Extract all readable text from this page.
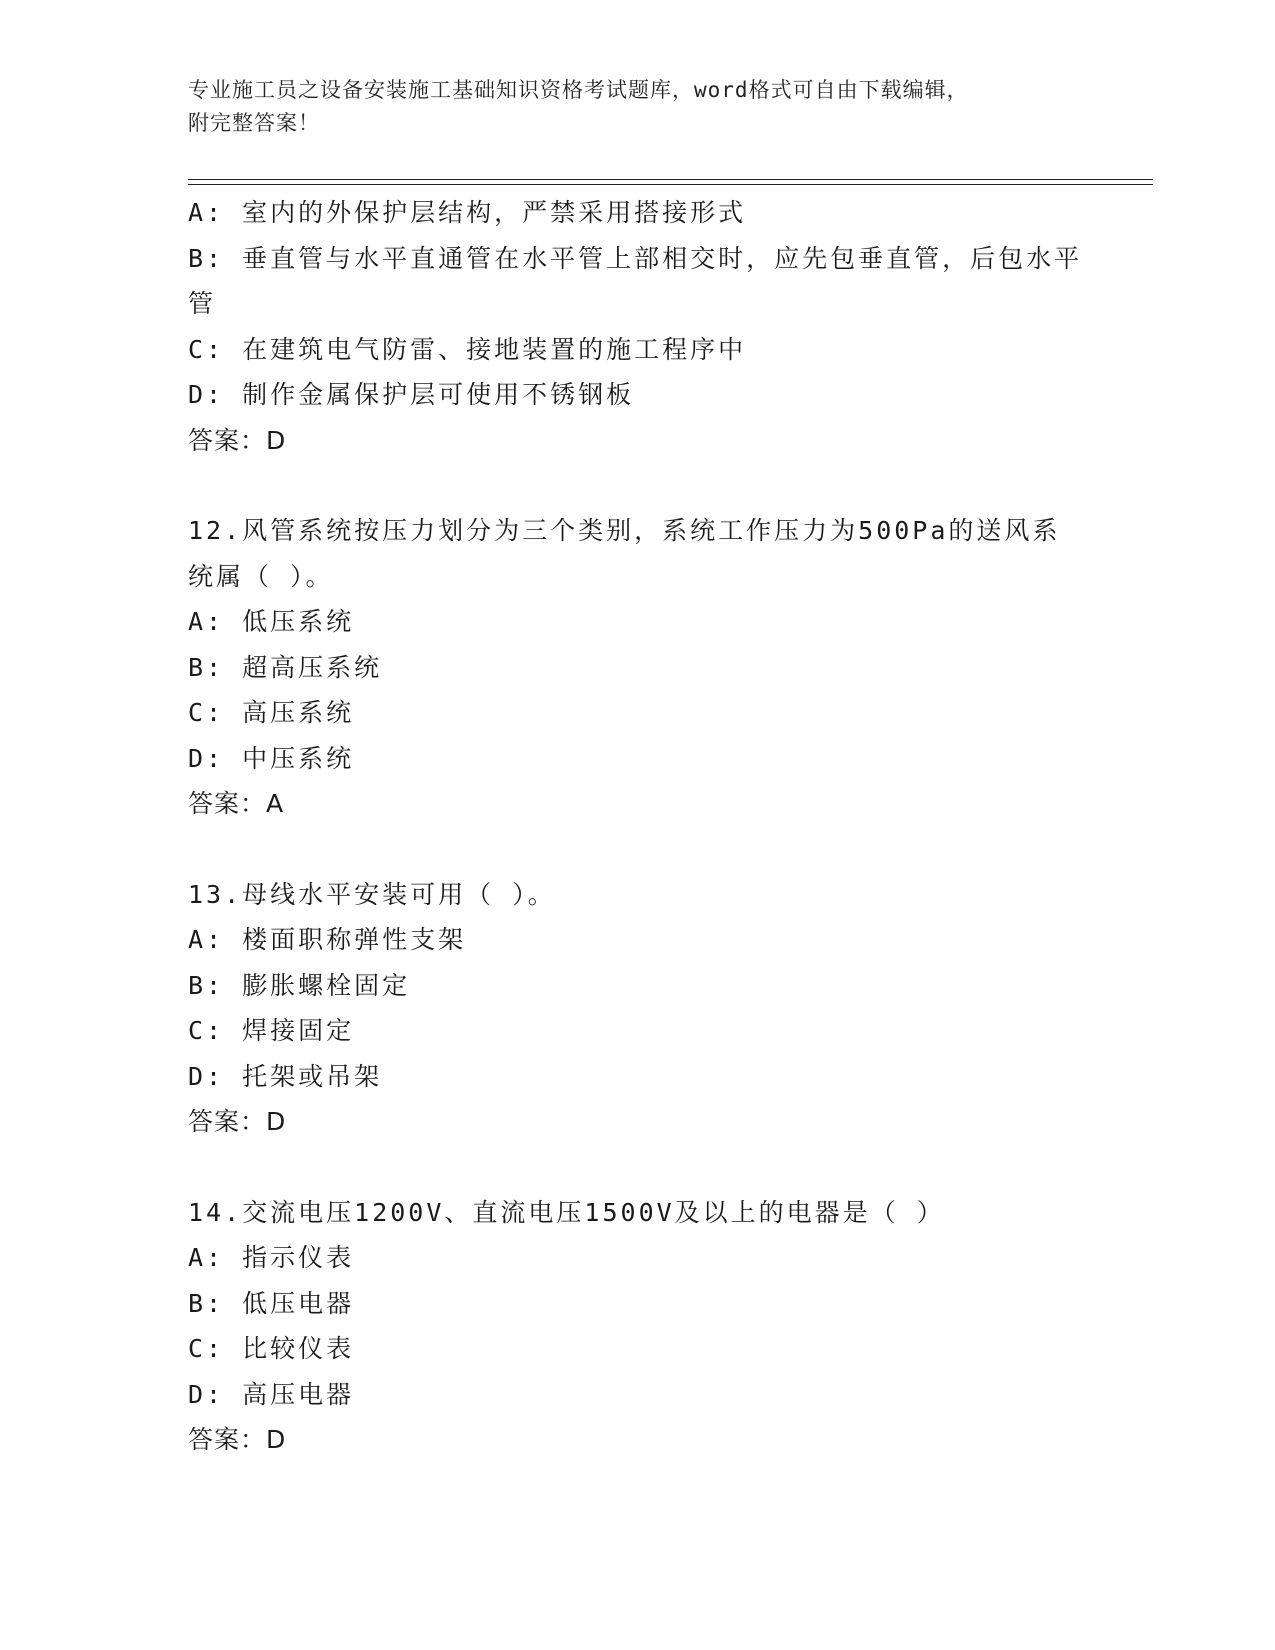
专业施工员之设备安装施工基础知识资格考试题库，word格式可自由下载编辑，
附完整答案！
A: 室内的外保护层结构，严禁采用搭接形式
B: 垂直管与水平直通管在水平管上部相交时，应先包垂直管，后包水平管
C: 在建筑电气防雷、接地装置的施工程序中
D: 制作金属保护层可使用不锈钢板
答案：D
12.风管系统按压力划分为三个类别，系统工作压力为500Pa的送风系统属（ ）。
A: 低压系统
B: 超高压系统
C: 高压系统
D: 中压系统
答案：A
13.母线水平安装可用（ ）。
A: 楼面职称弹性支架
B: 膨胀螺栓固定
C: 焊接固定
D: 托架或吊架
答案：D
14.交流电压1200V、直流电压1500V及以上的电器是（ ）
A: 指示仪表
B: 低压电器
C: 比较仪表
D: 高压电器
答案：D
